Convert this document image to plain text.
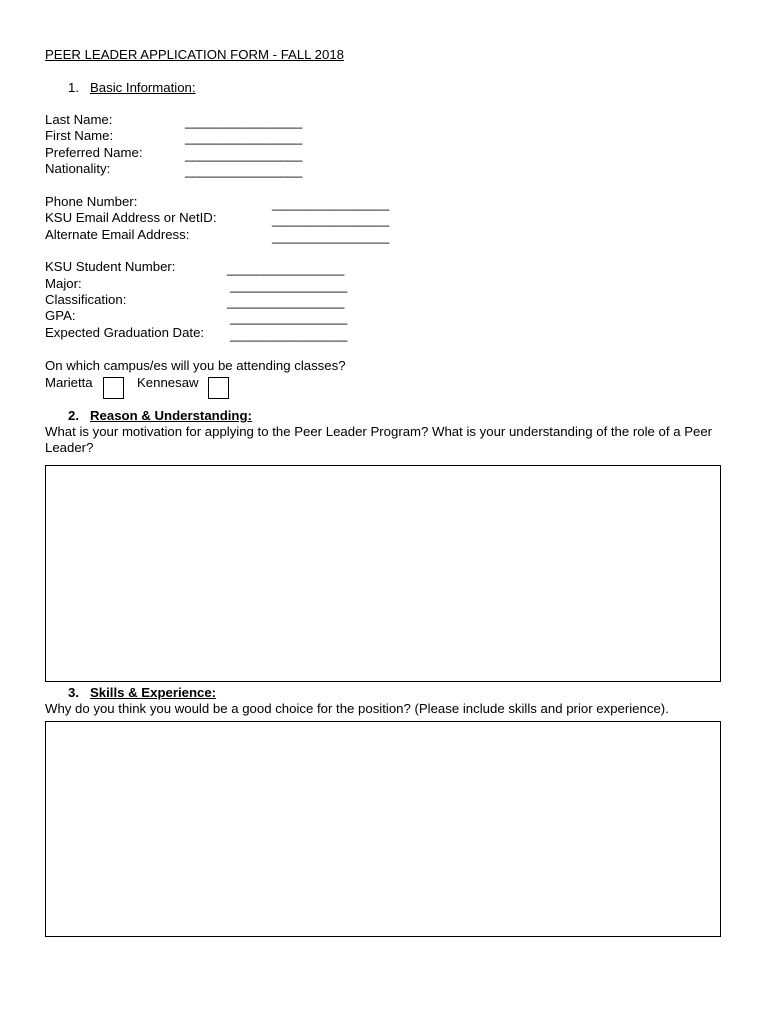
PEER LEADER APPLICATION FORM - FALL 2018
1. Basic Information:
Last Name:
First Name:
Preferred Name:
Nationality:
________________
________________
________________
________________
Phone Number:
KSU Email Address or NetID:
Alternate Email Address:
________________
________________
________________
KSU Student Number:
Major:
Classification:
GPA:
Expected Graduation Date:
________________
________________
________________
________________
________________
On which campus/es will you be attending classes?
Marietta	Kennesaw
2. Reason & Understanding:
What is your motivation for applying to the Peer Leader Program? What is your understanding of the role of a Peer Leader?
3. Skills & Experience:
Why do you think you would be a good choice for the position? (Please include skills and prior experience).
